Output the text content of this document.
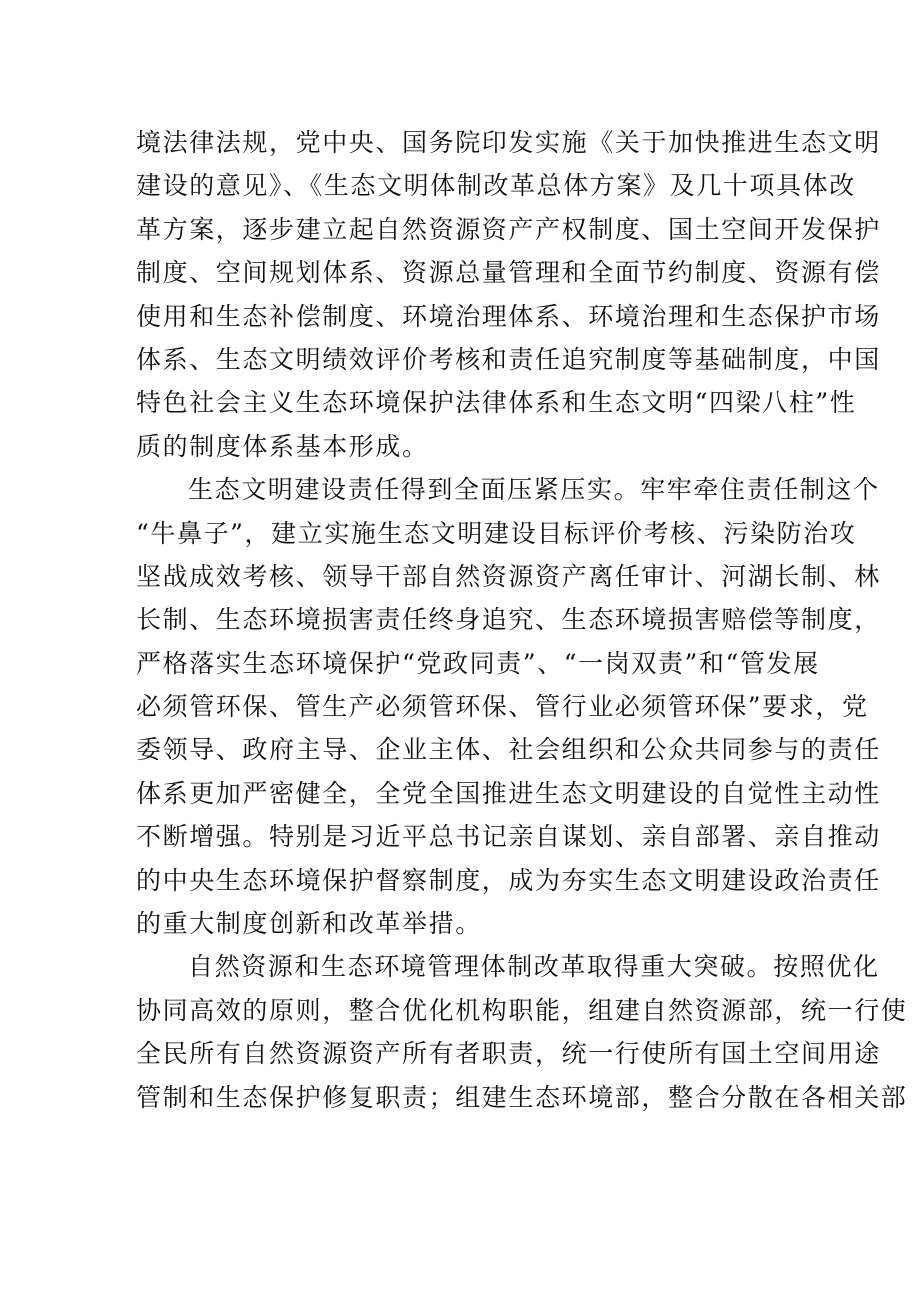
境法律法规，党中央、国务院印发实施《关于加快推进生态文明
建设的意见》、《生态文明体制改革总体方案》及几十项具体改
革方案，逐步建立起自然资源资产产权制度、国土空间开发保护
制度、空间规划体系、资源总量管理和全面节约制度、资源有偿
使用和生态补偿制度、环境治理体系、环境治理和生态保护市场
体系、生态文明绩效评价考核和责任追究制度等基础制度，中国
特色社会主义生态环境保护法律体系和生态文明“四梁八柱”性
质的制度体系基本形成。
生态文明建设责任得到全面压紧压实。牢牢牵住责任制这个
“牛鼻子”，建立实施生态文明建设目标评价考核、污染防治攻
坚战成效考核、领导干部自然资源资产离任审计、河湖长制、林
长制、生态环境损害责任终身追究、生态环境损害赔偿等制度，
严格落实生态环境保护“党政同责”、“一岗双责”和“管发展
必须管环保、管生产必须管环保、管行业必须管环保”要求，党
委领导、政府主导、企业主体、社会组织和公众共同参与的责任
体系更加严密健全，全党全国推进生态文明建设的自觉性主动性
不断增强。特别是习近平总书记亲自谋划、亲自部署、亲自推动
的中央生态环境保护督察制度，成为夯实生态文明建设政治责任
的重大制度创新和改革举措。
自然资源和生态环境管理体制改革取得重大突破。按照优化
协同高效的原则，整合优化机构职能，组建自然资源部，统一行使
全民所有自然资源资产所有者职责，统一行使所有国土空间用途
管制和生态保护修复职责；组建生态环境部，整合分散在各相关部
